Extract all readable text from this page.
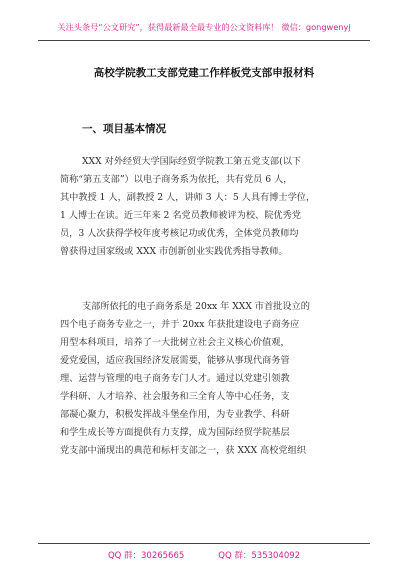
关注头条号“公文研究”，获得最新最全最专业的公文资料库！ 微信：gongwenyj
高校学院教工支部党建工作样板党支部申报材料
一、项目基本情况
XXX 对外经贸大学国际经贸学院教工第五党支部(以下
简称“第五支部”）以电子商务系为依托，共有党员 6 人，
其中教授 1 人，副教授 2 人，讲师 3 人：5 人具有博士学位，
1 人博士在读。近三年来 2 名党员教师被评为校、院优秀党
员，3 人次获得学校年度考核记功或优秀，全体党员教师均
曾获得过国家级或 XXX 市创新创业实践优秀指导教师。
支部所依托的电子商务系是 20xx 年 XXX 市首批设立的
四个电子商务专业之一，并于 20xx 年获批建设电子商务应
用型本科项目，培养了一大批树立社会主义核心价值观，
爱党爱国，适应我国经济发展需要，能够从事现代商务管
理、运营与管理的电子商务专门人才。通过以党建引领教
学科研、人才培养、社会服务和三全育人等中心任务，支
部凝心聚力，积极发挥战斗堡垒作用，为专业教学、科研
和学生成长等方面提供有力支撑，成为国际经贸学院基层
党支部中涌现出的典范和标杆支部之一，获 XXX 高校党组织
QQ 群：30265665	QQ 群：535304092
